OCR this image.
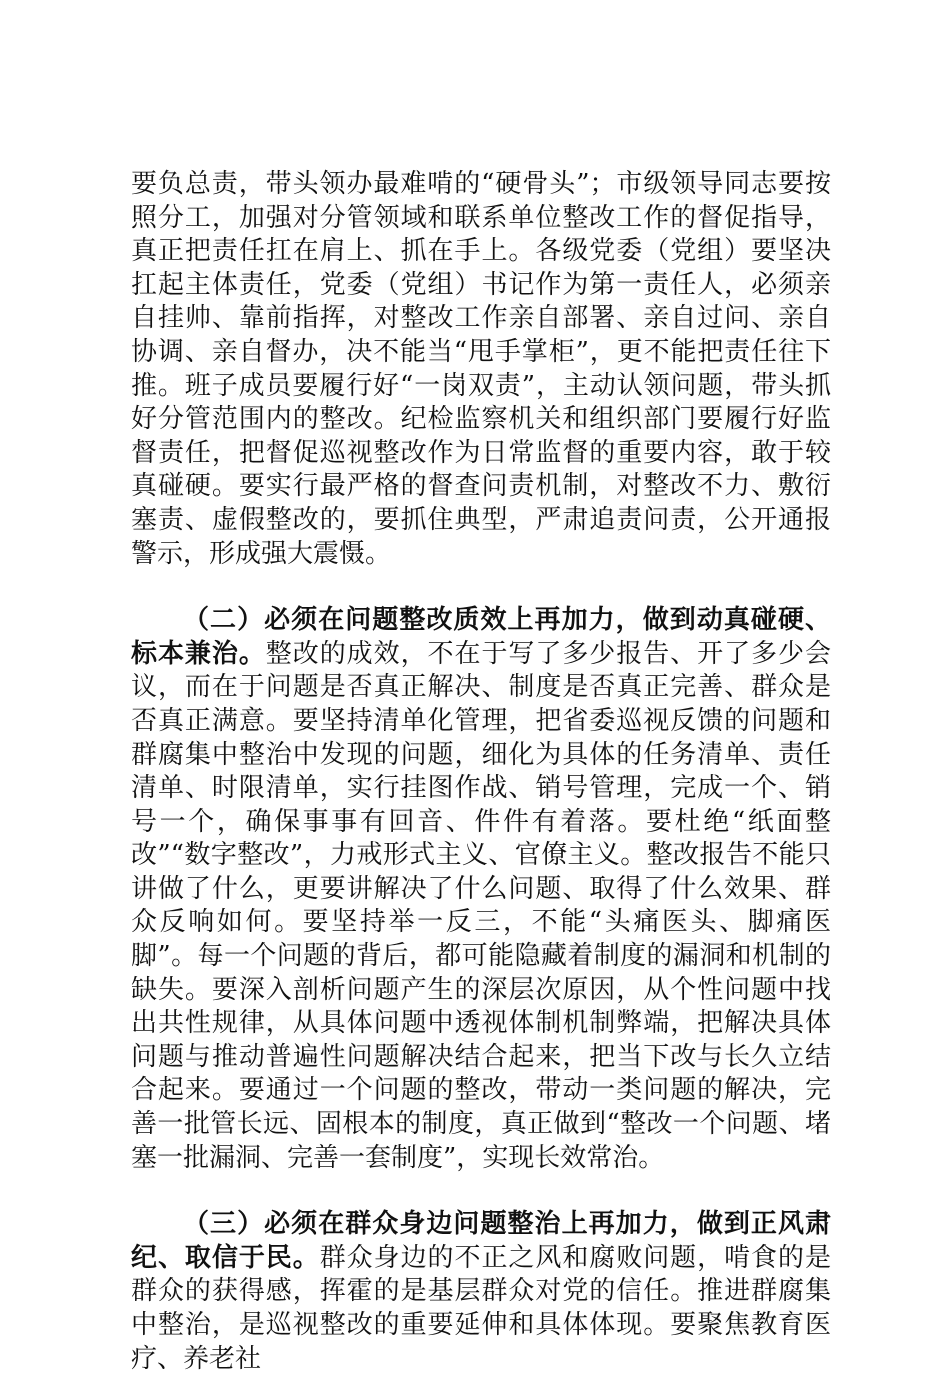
要负总责，带头领办最难啃的“硬骨头”；市级领导同志要按照分工，加强对分管领域和联系单位整改工作的督促指导，真正把责任扛在肩上、抓在手上。各级党委（党组）要坚决扛起主体责任，党委（党组）书记作为第一责任人，必须亲自挂帅、靠前指挥，对整改工作亲自部署、亲自过问、亲自协调、亲自督办，决不能当“甩手掌柜”，更不能把责任往下推。班子成员要履行好“一岗双责”，主动认领问题，带头抓好分管范围内的整改。纪检监察机关和组织部门要履行好监督责任，把督促巡视整改作为日常监督的重要内容，敢于较真碰硬。要实行最严格的督查问责机制，对整改不力、敷衍塞责、虚假整改的，要抓住典型，严肃追责问责，公开通报警示，形成强大震慑。

（二）必须在问题整改质效上再加力，做到动真碰硬、标本兼治。整改的成效，不在于写了多少报告、开了多少会议，而在于问题是否真正解决、制度是否真正完善、群众是否真正满意。要坚持清单化管理，把省委巡视反馈的问题和群腐集中整治中发现的问题，细化为具体的任务清单、责任清单、时限清单，实行挂图作战、销号管理，完成一个、销号一个，确保事事有回音、件件有着落。要杜绝“纸面整改”“数字整改”，力戒形式主义、官僚主义。整改报告不能只讲做了什么，更要讲解决了什么问题、取得了什么效果、群众反响如何。要坚持举一反三，不能“头痛医头、脚痛医脚”。每一个问题的背后，都可能隐藏着制度的漏洞和机制的缺失。要深入剖析问题产生的深层次原因，从个性问题中找出共性规律，从具体问题中透视体制机制弊端，把解决具体问题与推动普遍性问题解决结合起来，把当下改与长久立结合起来。要通过一个问题的整改，带动一类问题的解决，完善一批管长远、固根本的制度，真正做到“整改一个问题、堵塞一批漏洞、完善一套制度”，实现长效常治。

（三）必须在群众身边问题整治上再加力，做到正风肃纪、取信于民。群众身边的不正之风和腐败问题，啃食的是群众的获得感，挥霍的是基层群众对党的信任。推进群腐集中整治，是巡视整改的重要延伸和具体体现。要聚焦教育医疗、养老社
